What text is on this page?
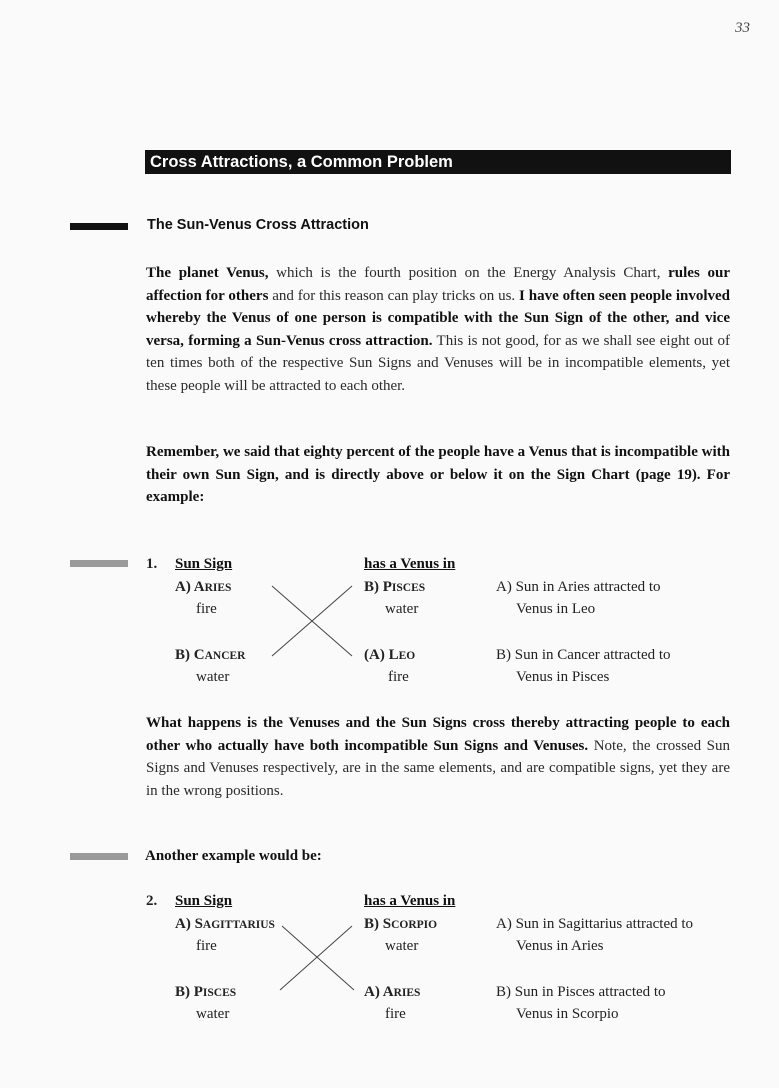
33
Cross Attractions, a Common Problem
The Sun-Venus Cross Attraction
The planet Venus, which is the fourth position on the Energy Analysis Chart, rules our affection for others and for this reason can play tricks on us. I have often seen people involved whereby the Venus of one person is compatible with the Sun Sign of the other, and vice versa, forming a Sun-Venus cross attraction. This is not good, for as we shall see eight out of ten times both of the respective Sun Signs and Venuses will be in incompatible elements, yet these people will be attracted to each other.
Remember, we said that eighty percent of the people have a Venus that is incompatible with their own Sun Sign, and is directly above or below it on the Sign Chart (page 19). For example:
1. Sun Sign	has a Venus in
A) ARIES
fire
B) CANCER
water
B) PISCES
water
(A) LEO
fire
A) Sun in Aries attracted to
Venus in Leo
B) Sun in Cancer attracted to
Venus in Pisces
What happens is the Venuses and the Sun Signs cross thereby attracting people to each other who actually have both incompatible Sun Signs and Venuses. Note, the crossed Sun Signs and Venuses respectively, are in the same elements, and are compatible signs, yet they are in the wrong positions.
Another example would be:
2. Sun Sign	has a Venus in
A) SAGITTARIUS
fire
B) PISCES
water
B) SCORPIO
water
A) ARIES
fire
A) Sun in Sagittarius attracted to
Venus in Aries
B) Sun in Pisces attracted to
Venus in Scorpio
